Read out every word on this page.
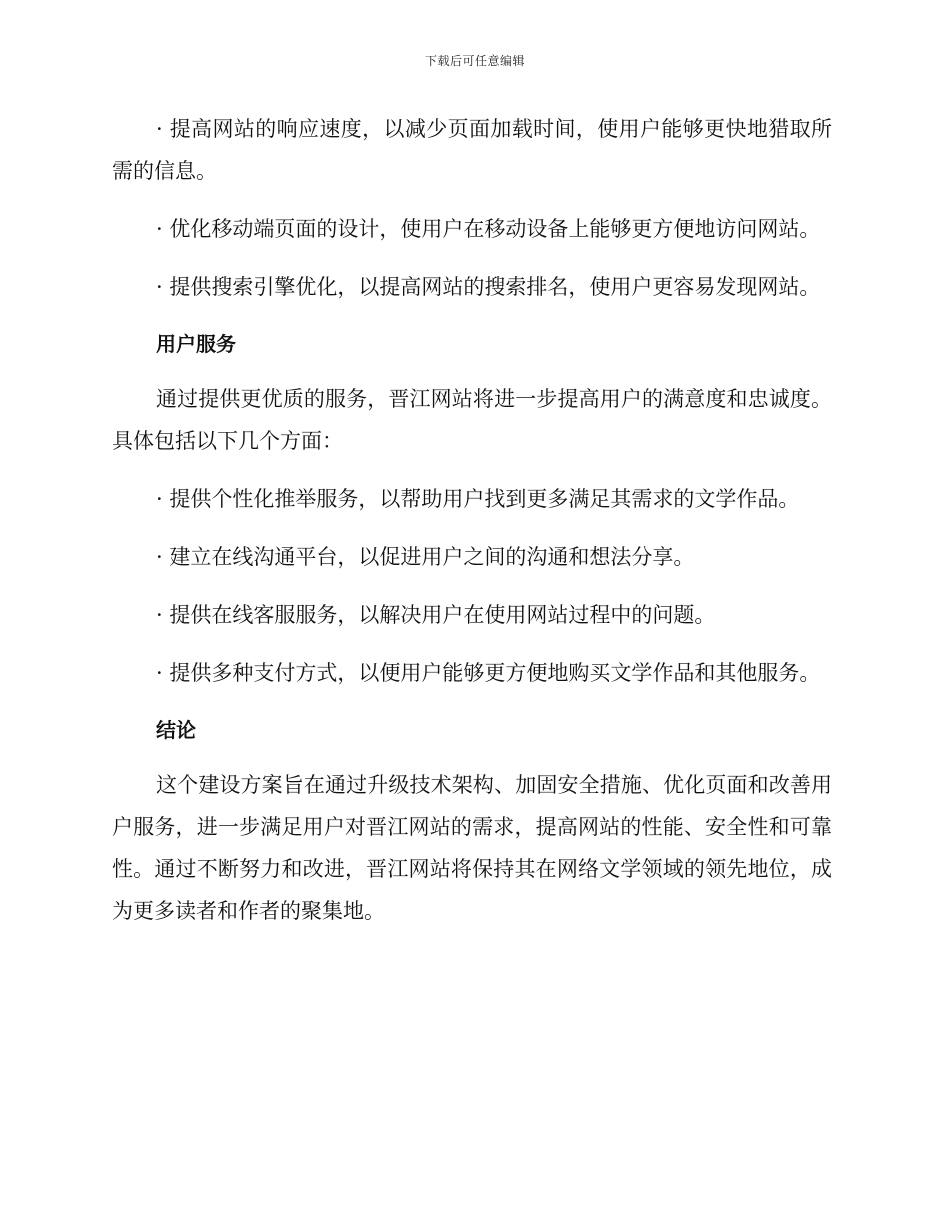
下载后可任意编辑

· 提高网站的响应速度，以减少页面加载时间，使用户能够更快地猎取所需的信息。

· 优化移动端页面的设计，使用户在移动设备上能够更方便地访问网站。

· 提供搜索引擎优化，以提高网站的搜索排名，使用户更容易发现网站。

用户服务

通过提供更优质的服务，晋江网站将进一步提高用户的满意度和忠诚度。具体包括以下几个方面：

· 提供个性化推举服务，以帮助用户找到更多满足其需求的文学作品。

· 建立在线沟通平台，以促进用户之间的沟通和想法分享。

· 提供在线客服服务，以解决用户在使用网站过程中的问题。

· 提供多种支付方式，以便用户能够更方便地购买文学作品和其他服务。

结论

这个建设方案旨在通过升级技术架构、加固安全措施、优化页面和改善用户服务，进一步满足用户对晋江网站的需求，提高网站的性能、安全性和可靠性。通过不断努力和改进，晋江网站将保持其在网络文学领域的领先地位，成为更多读者和作者的聚集地。
